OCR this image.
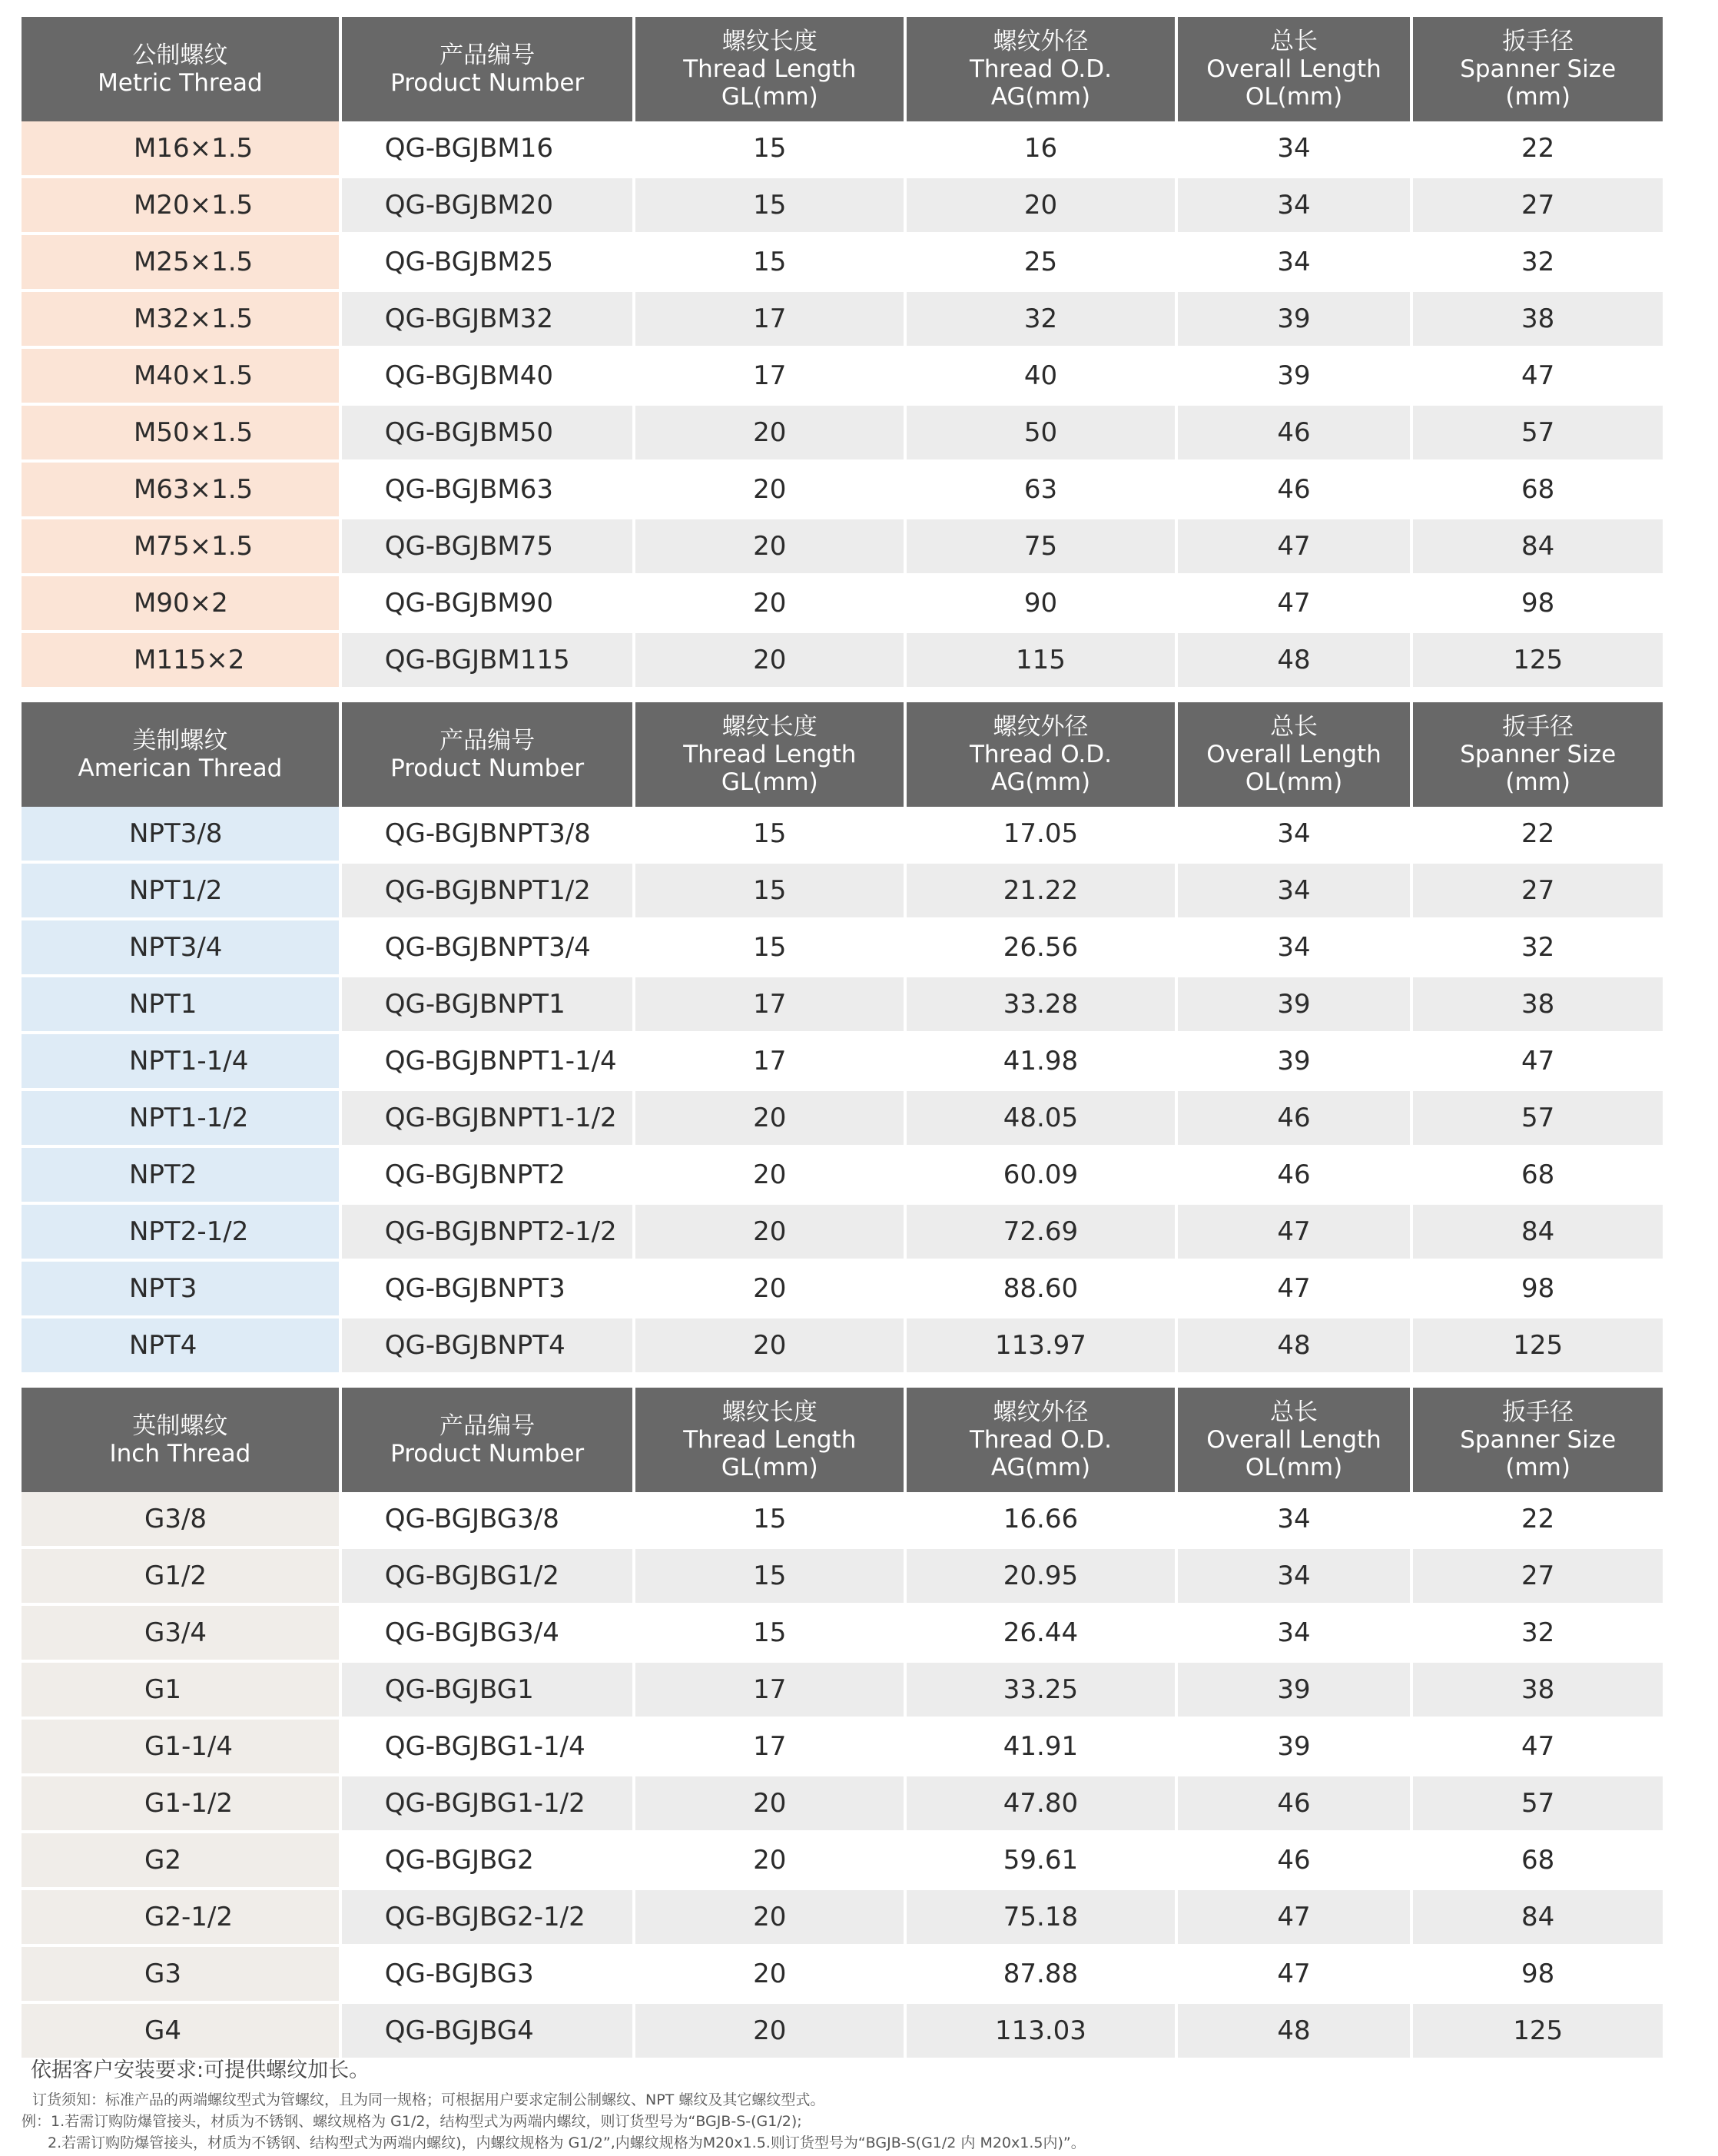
公制螺纹
Metric Thread	产品编号
Product Number	螺纹长度
Thread Length
GL(mm)	螺纹外径
Thread O.D.
AG(mm)	总长
Overall Length
OL(mm)	扳手径
Spanner Size
(mm)

M16×1.5	QG-BGJBM16	15	16	34	22
M20×1.5	QG-BGJBM20	15	20	34	27
M25×1.5	QG-BGJBM25	15	25	34	32
M32×1.5	QG-BGJBM32	17	32	39	38
M40×1.5	QG-BGJBM40	17	40	39	47
M50×1.5	QG-BGJBM50	20	50	46	57
M63×1.5	QG-BGJBM63	20	63	46	68
M75×1.5	QG-BGJBM75	20	75	47	84
M90×2	QG-BGJBM90	20	90	47	98
M115×2	QG-BGJBM115	20	115	48	125
美制螺纹
American Thread	产品编号
Product Number	螺纹长度
Thread Length
GL(mm)	螺纹外径
Thread O.D.
AG(mm)	总长
Overall Length
OL(mm)	扳手径
Spanner Size
(mm)

NPT3/8	QG-BGJBNPT3/8	15	17.05	34	22
NPT1/2	QG-BGJBNPT1/2	15	21.22	34	27
NPT3/4	QG-BGJBNPT3/4	15	26.56	34	32
NPT1	QG-BGJBNPT1	17	33.28	39	38
NPT1-1/4	QG-BGJBNPT1-1/4	17	41.98	39	47
NPT1-1/2	QG-BGJBNPT1-1/2	20	48.05	46	57
NPT2	QG-BGJBNPT2	20	60.09	46	68
NPT2-1/2	QG-BGJBNPT2-1/2	20	72.69	47	84
NPT3	QG-BGJBNPT3	20	88.60	47	98
NPT4	QG-BGJBNPT4	20	113.97	48	125
英制螺纹
Inch Thread	产品编号
Product Number	螺纹长度
Thread Length
GL(mm)	螺纹外径
Thread O.D.
AG(mm)	总长
Overall Length
OL(mm)	扳手径
Spanner Size
(mm)

G3/8	QG-BGJBG3/8	15	16.66	34	22
G1/2	QG-BGJBG1/2	15	20.95	34	27
G3/4	QG-BGJBG3/4	15	26.44	34	32
G1	QG-BGJBG1	17	33.25	39	38
G1-1/4	QG-BGJBG1-1/4	17	41.91	39	47
G1-1/2	QG-BGJBG1-1/2	20	47.80	46	57
G2	QG-BGJBG2	20	59.61	46	68
G2-1/2	QG-BGJBG2-1/2	20	75.18	47	84
G3	QG-BGJBG3	20	87.88	47	98
G4	QG-BGJBG4	20	113.03	48	125
依据客户安装要求:可提供螺纹加长。
订货须知：标准产品的两端螺纹型式为管螺纹，且为同一规格；可根据用户要求定制公制螺纹、NPT 螺纹及其它螺纹型式。
例：1.若需订购防爆管接头，材质为不锈钢、螺纹规格为 G1/2，结构型式为两端内螺纹，则订货型号为“BGJB-S-(G1/2);
2.若需订购防爆管接头，材质为不锈钢、结构型式为两端内螺纹)，内螺纹规格为 G1/2”,内螺纹规格为M20x1.5.则订货型号为“BGJB-S(G1/2 内 M20x1.5内)”。
